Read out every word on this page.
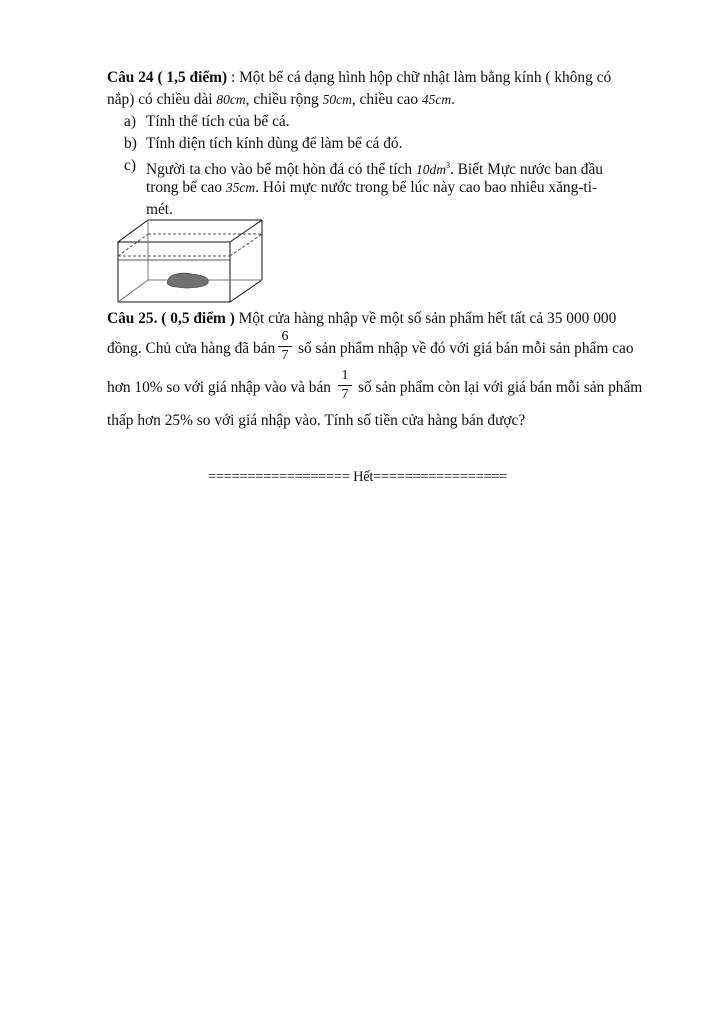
Câu 24 ( 1,5 điểm) : Một bể cá dạng hình hộp chữ nhật làm bằng kính ( không có
nắp) có chiều dài 80cm, chiều rộng 50cm, chiều cao 45cm.
a) Tính thể tích của bể cá.
b) Tính diện tích kính dùng để làm bể cá đó.
c) Người ta cho vào bể một hòn đá có thể tích $10dm^3$. Biết Mực nước ban đầu
trong bể cao 35cm. Hỏi mực nước trong bể lúc này cao bao nhiêu xăng-ti-
mét.
Câu 25. ( 0,5 điểm ) Một cửa hàng nhập về một số sản phẩm hết tất cả 35 000 000
đồng. Chủ cửa hàng đã bán
6
7 số sản phẩm nhập về đó với giá bán mỗi sản phẩm cao
hơn 10% so với giá nhập vào và bán
1
7 số sản phẩm còn lại với giá bán mỗi sản phẩm
thấp hơn 25% so với giá nhập vào. Tính số tiền cửa hàng bán được?
================== Hết=================
